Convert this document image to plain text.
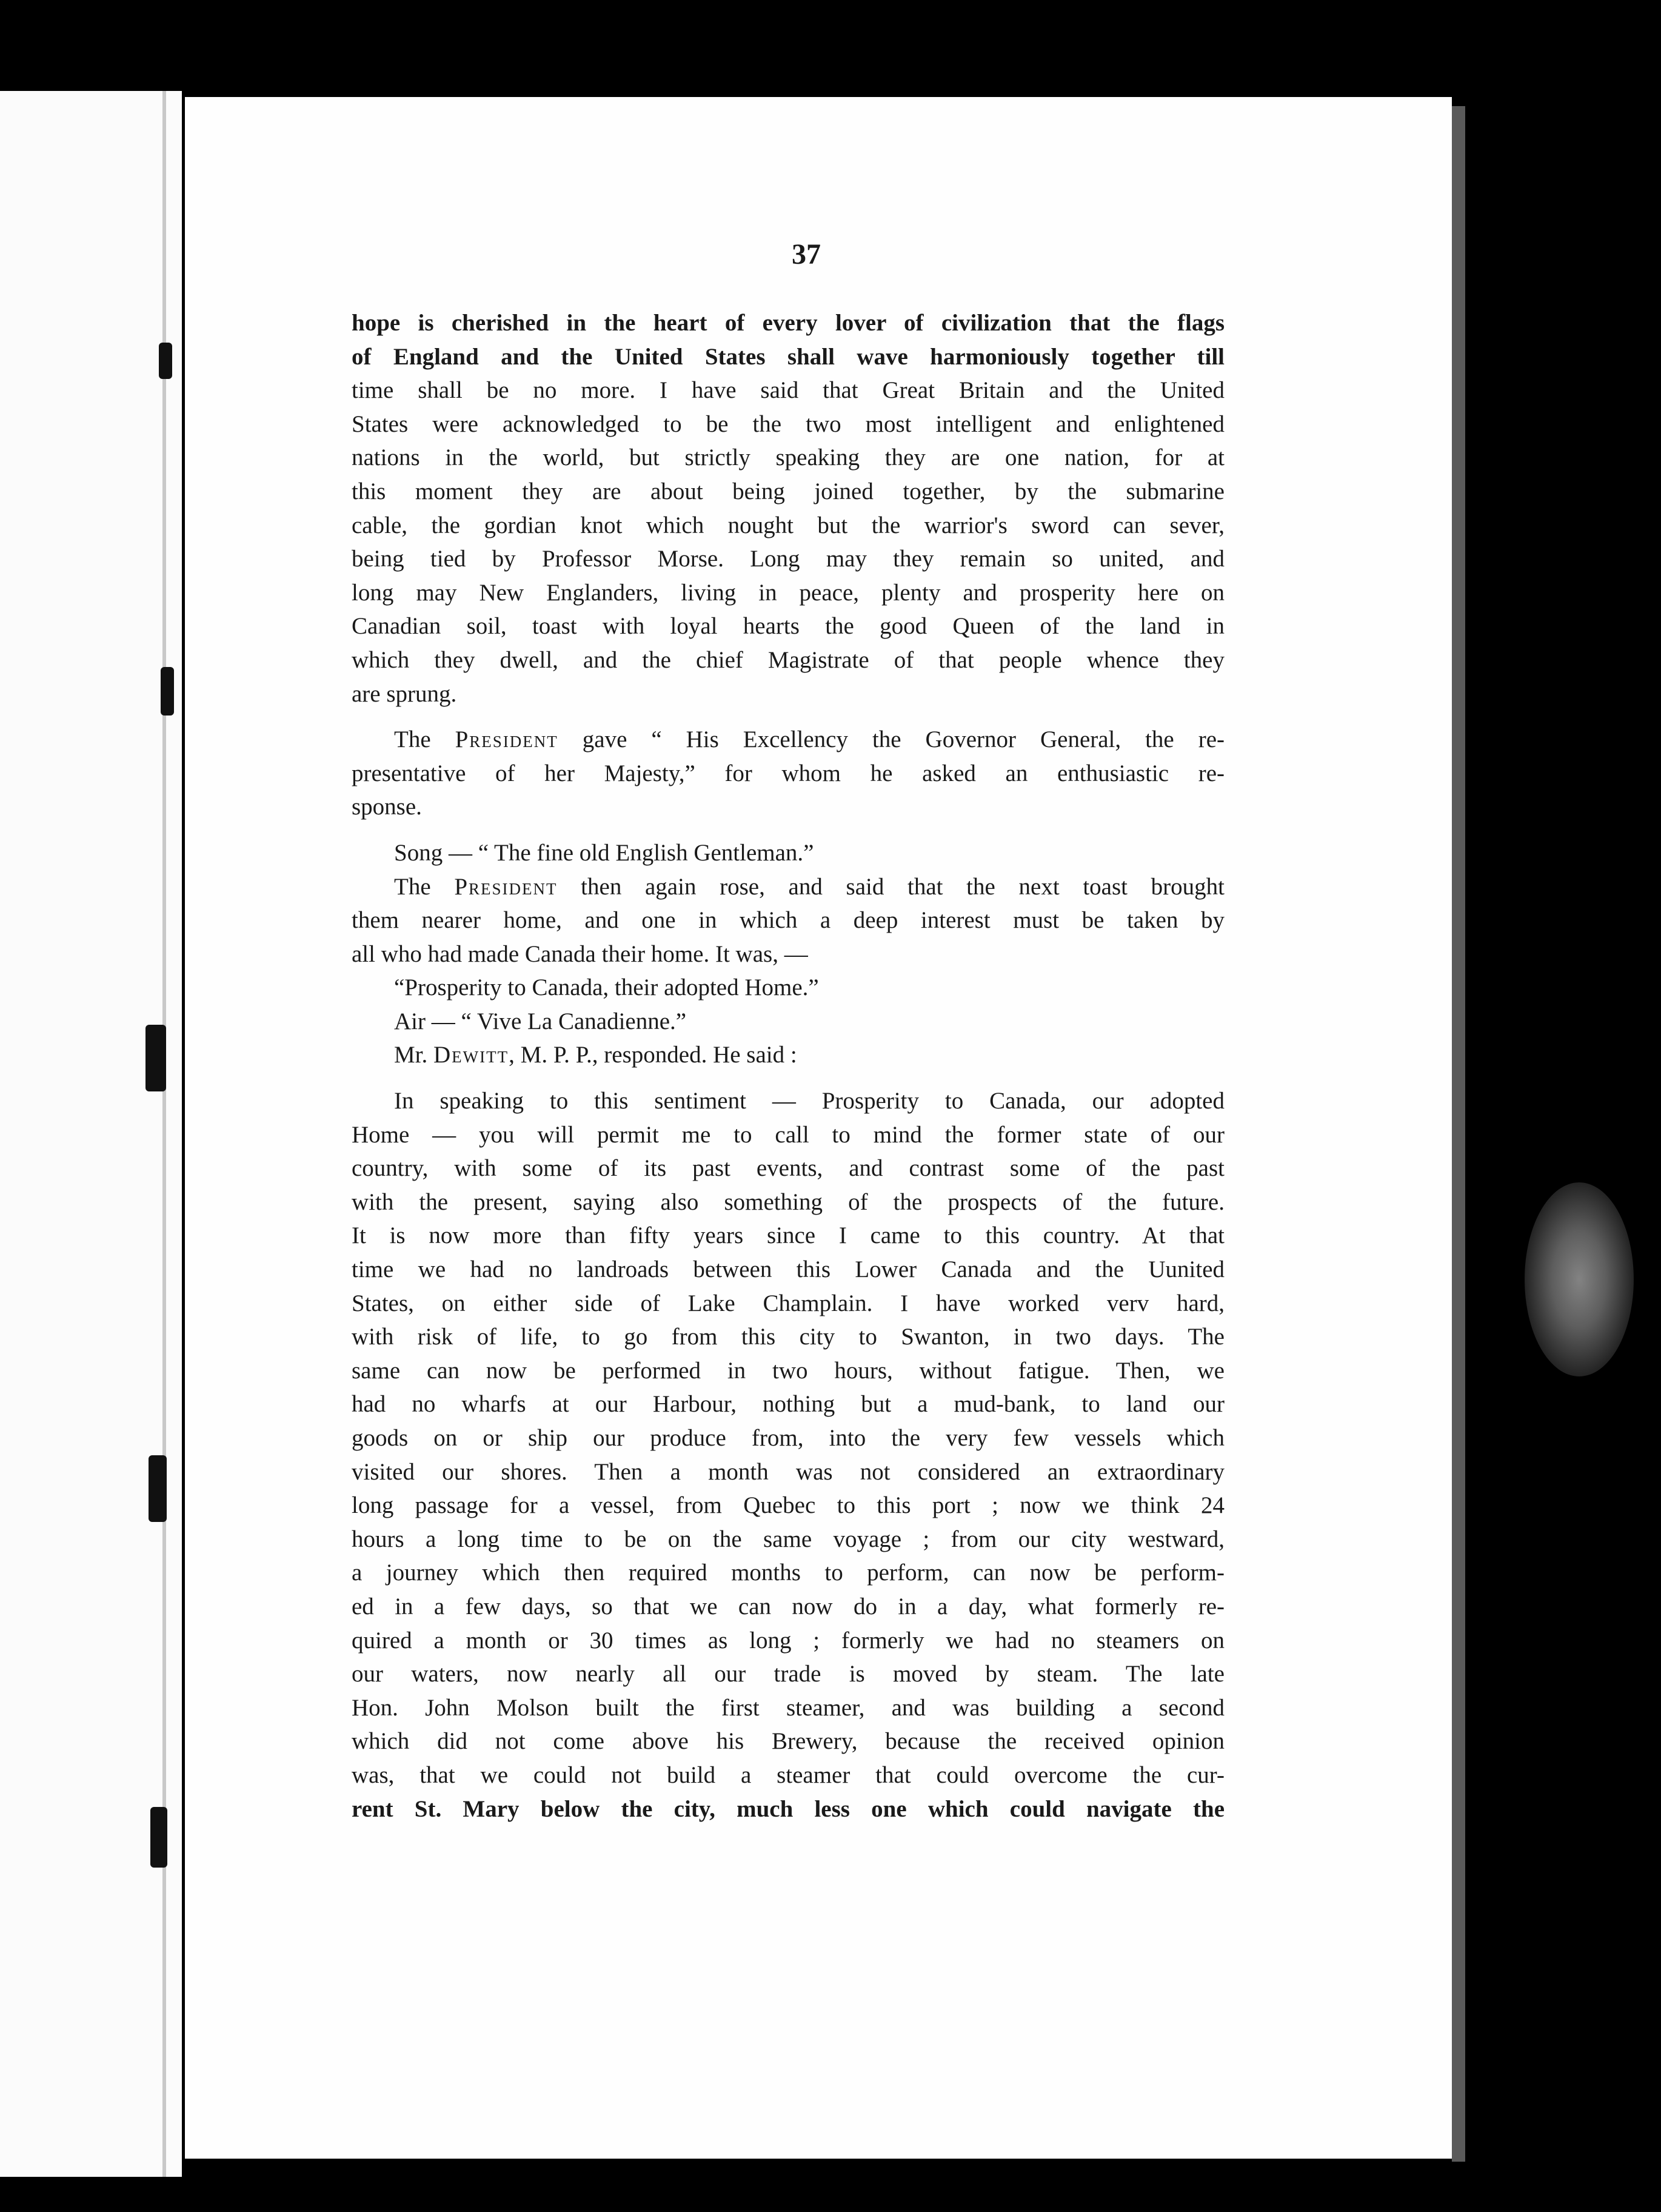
37
hope is cherished in the heart of every lover of civilization that the flags
of England and the United States shall wave harmoniously together till
time shall be no more. I have said that Great Britain and the United
States were acknowledged to be the two most intelligent and enlightened
nations in the world, but strictly speaking they are one nation, for at
this moment they are about being joined together, by the submarine
cable, the gordian knot which nought but the warrior's sword can sever,
being tied by Professor Morse. Long may they remain so united, and
long may New Englanders, living in peace, plenty and prosperity here on
Canadian soil, toast with loyal hearts the good Queen of the land in
which they dwell, and the chief Magistrate of that people whence they
are sprung.
The President gave “ His Excellency the Governor General, the re-
presentative of her Majesty,” for whom he asked an enthusiastic re-
sponse.
Song — “ The fine old English Gentleman.”
The President then again rose, and said that the next toast brought
them nearer home, and one in which a deep interest must be taken by
all who had made Canada their home. It was, —
“Prosperity to Canada, their adopted Home.”
Air — “ Vive La Canadienne.”
Mr. Dewitt, M. P. P., responded. He said :
In speaking to this sentiment — Prosperity to Canada, our adopted
Home — you will permit me to call to mind the former state of our
country, with some of its past events, and contrast some of the past
with the present, saying also something of the prospects of the future.
It is now more than fifty years since I came to this country. At that
time we had no landroads between this Lower Canada and the Uunited
States, on either side of Lake Champlain. I have worked verv hard,
with risk of life, to go from this city to Swanton, in two days. The
same can now be performed in two hours, without fatigue. Then, we
had no wharfs at our Harbour, nothing but a mud-bank, to land our
goods on or ship our produce from, into the very few vessels which
visited our shores. Then a month was not considered an extraordinary
long passage for a vessel, from Quebec to this port ; now we think 24
hours a long time to be on the same voyage ; from our city westward,
a journey which then required months to perform, can now be perform-
ed in a few days, so that we can now do in a day, what formerly re-
quired a month or 30 times as long ; formerly we had no steamers on
our waters, now nearly all our trade is moved by steam. The late
Hon. John Molson built the first steamer, and was building a second
which did not come above his Brewery, because the received opinion
was, that we could not build a steamer that could overcome the cur-
rent St. Mary below the city, much less one which could navigate the
